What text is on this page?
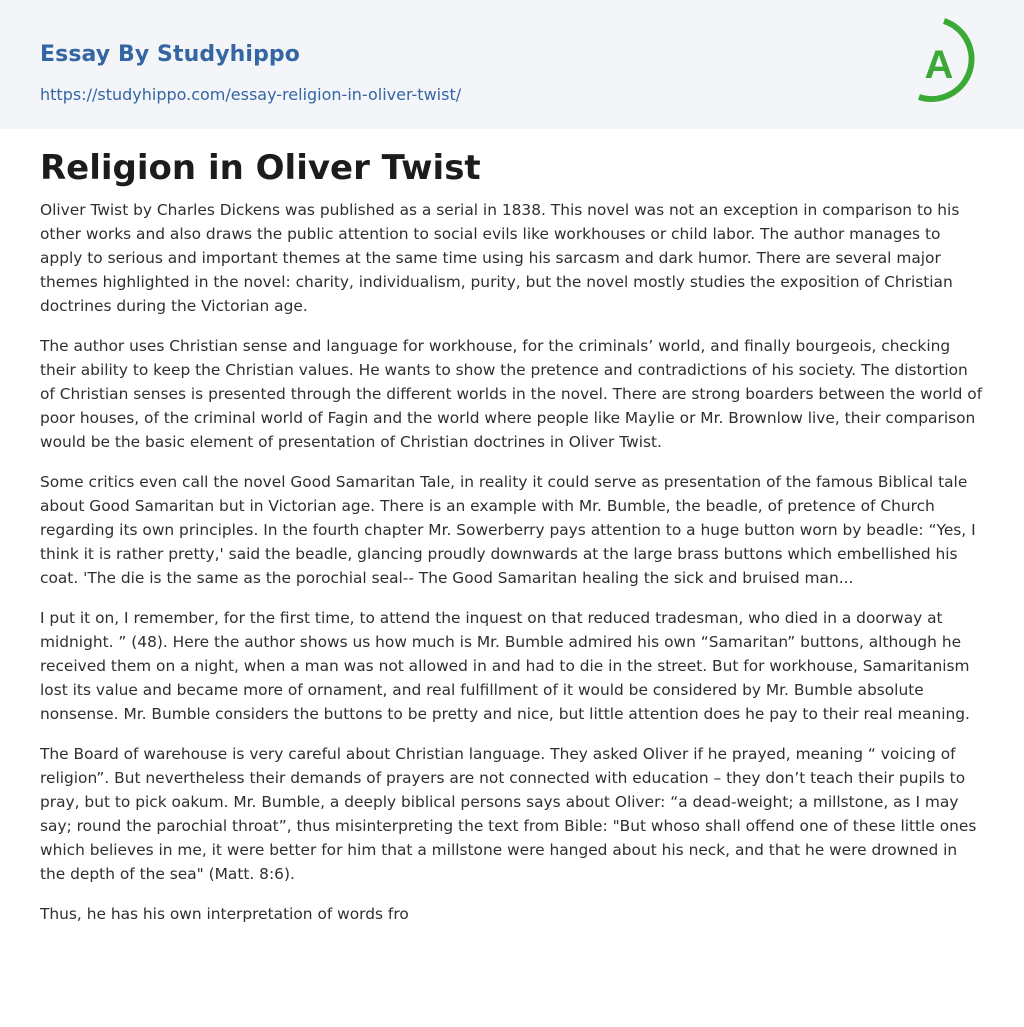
Essay By Studyhippo
https://studyhippo.com/essay-religion-in-oliver-twist/
A
Religion in Oliver Twist

Oliver Twist by Charles Dickens was published as a serial in 1838. This novel was not an exception in comparison to his other works and also draws the public attention to social evils like workhouses or child labor. The author manages to apply to serious and important themes at the same time using his sarcasm and dark humor. There are several major themes highlighted in the novel: charity, individualism, purity, but the novel mostly studies the exposition of Christian doctrines during the Victorian age.

The author uses Christian sense and language for workhouse, for the criminals’ world, and finally bourgeois, checking their ability to keep the Christian values. He wants to show the pretence and contradictions of his society. The distortion of Christian senses is presented through the different worlds in the novel. There are strong boarders between the world of poor houses, of the criminal world of Fagin and the world where people like Maylie or Mr. Brownlow live, their comparison would be the basic element of presentation of Christian doctrines in Oliver Twist.

Some critics even call the novel Good Samaritan Tale, in reality it could serve as presentation of the famous Biblical tale about Good Samaritan but in Victorian age. There is an example with Mr. Bumble, the beadle, of pretence of Church regarding its own principles. In the fourth chapter Mr. Sowerberry pays attention to a huge button worn by beadle: “Yes, I think it is rather pretty,' said the beadle, glancing proudly downwards at the large brass buttons which embellished his coat. 'The die is the same as the porochial seal-- The Good Samaritan healing the sick and bruised man...

I put it on, I remember, for the first time, to attend the inquest on that reduced tradesman, who died in a doorway at midnight. ” (48). Here the author shows us how much is Mr. Bumble admired his own “Samaritan” buttons, although he received them on a night, when a man was not allowed in and had to die in the street. But for workhouse, Samaritanism lost its value and became more of ornament, and real fulfillment of it would be considered by Mr. Bumble absolute nonsense. Mr. Bumble considers the buttons to be pretty and nice, but little attention does he pay to their real meaning.

The Board of warehouse is very careful about Christian language. They asked Oliver if he prayed, meaning “ voicing of religion”. But nevertheless their demands of prayers are not connected with education – they don’t teach their pupils to pray, but to pick oakum. Mr. Bumble, a deeply biblical persons says about Oliver: “a dead-weight; a millstone, as I may say; round the parochial throat”, thus misinterpreting the text from Bible: "But whoso shall offend one of these little ones which believes in me, it were better for him that a millstone were hanged about his neck, and that he were drowned in the depth of the sea" (Matt. 8:6).

Thus, he has his own interpretation of words fro
